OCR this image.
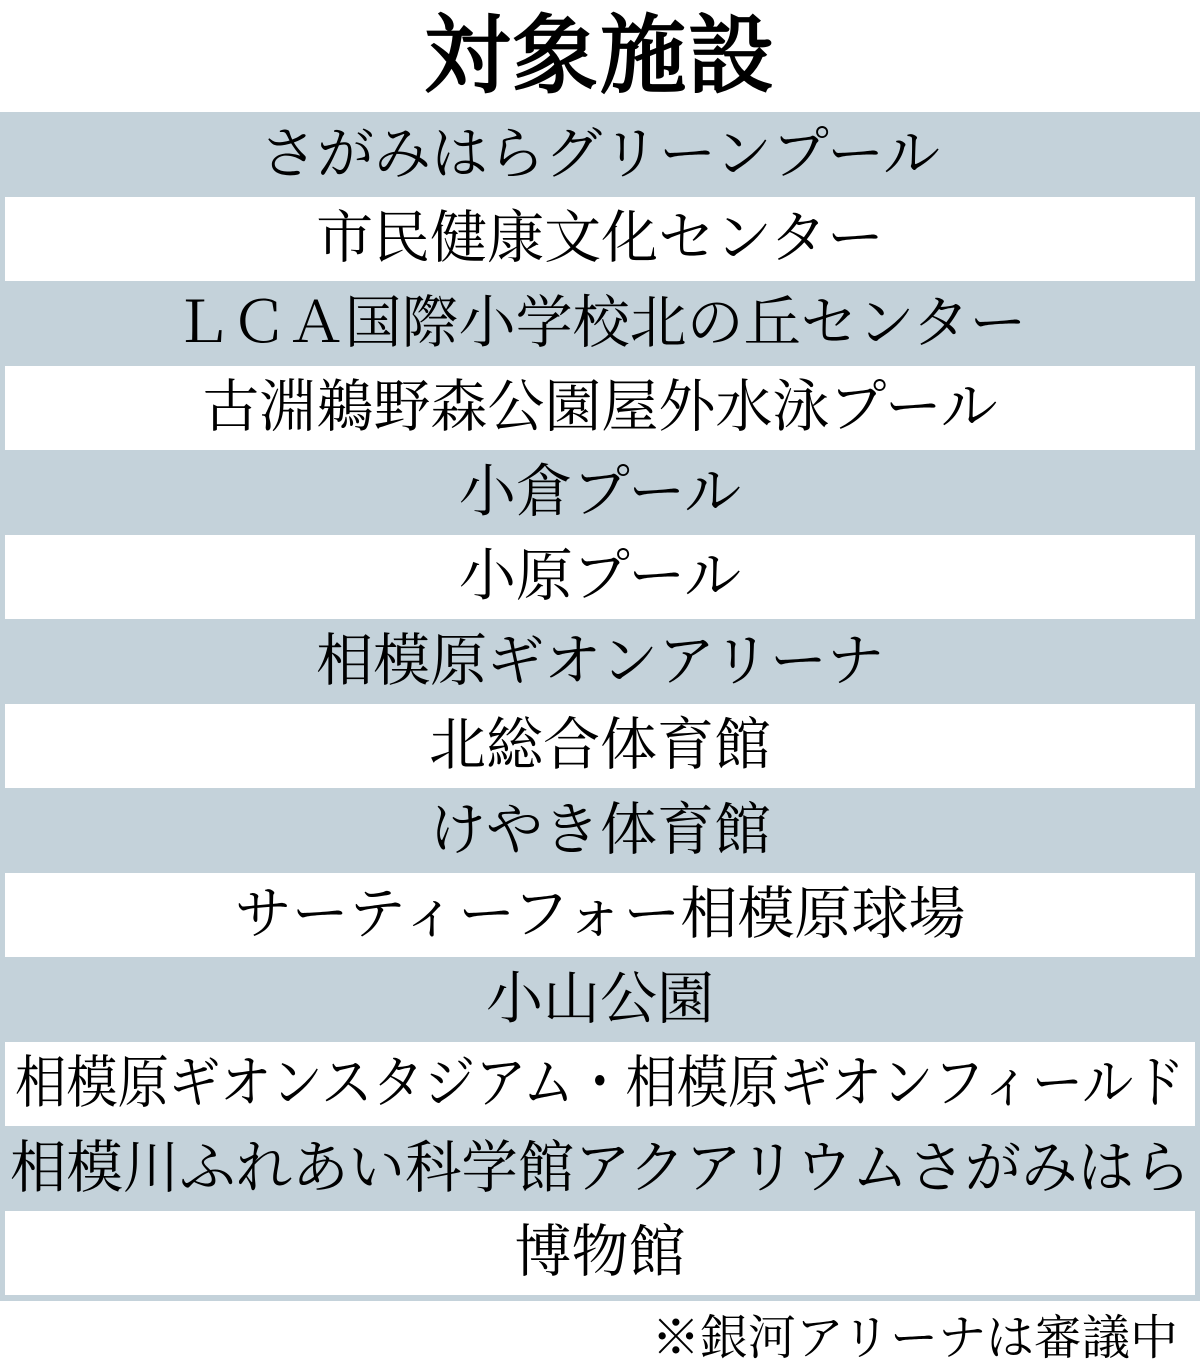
対象施設
さがみはらグリーンプール
市民健康文化センター
ＬＣＡ国際小学校北の丘センター
古淵鵜野森公園屋外水泳プール
小倉プール
小原プール
相模原ギオンアリーナ
北総合体育館
けやき体育館
サーティーフォー相模原球場
小山公園
相模原ギオンスタジアム・相模原ギオンフィールド
相模川ふれあい科学館アクアリウムさがみはら
博物館
※銀河アリーナは審議中
